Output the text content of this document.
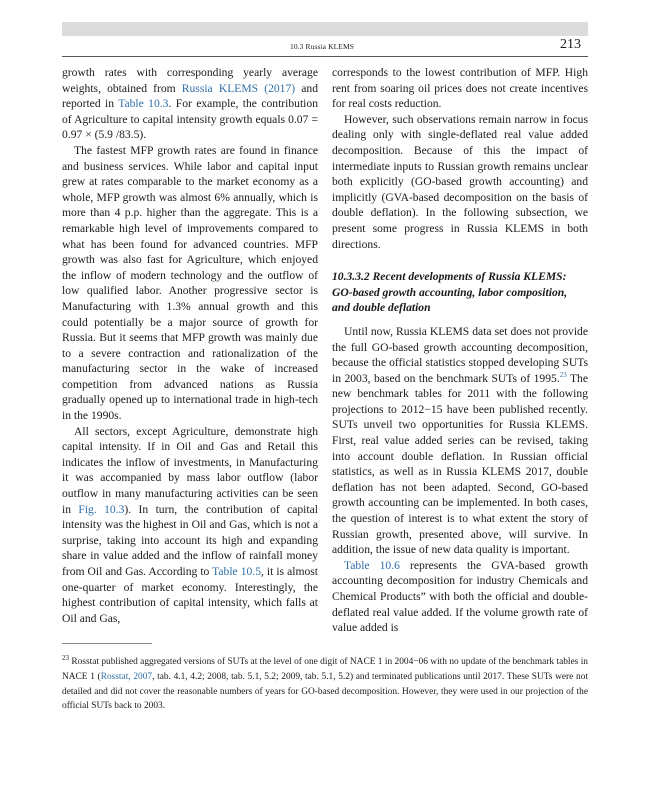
10.3 Russia KLEMS	213

growth rates with corresponding yearly average weights, obtained from Russia KLEMS (2017) and reported in Table 10.3. For example, the contribution of Agriculture to capital intensity growth equals 0.07 = 0.97 × (5.9 /83.5).

The fastest MFP growth rates are found in finance and business services. While labor and capital input grew at rates comparable to the market economy as a whole, MFP growth was almost 6% annually, which is more than 4 p.p. higher than the aggregate. This is a remarkable high level of improvements compared to what has been found for advanced countries. MFP growth was also fast for Agriculture, which enjoyed the inflow of modern technology and the outflow of low qualified labor. Another progressive sector is Manufacturing with 1.3% annual growth and this could potentially be a major source of growth for Russia. But it seems that MFP growth was mainly due to a severe contraction and rationalization of the manufacturing sector in the wake of increased competition from advanced nations as Russia gradually opened up to international trade in high-tech in the 1990s.

All sectors, except Agriculture, demonstrate high capital intensity. If in Oil and Gas and Retail this indicates the inflow of investments, in Manufacturing it was accompanied by mass labor outflow (labor outflow in many manufacturing activities can be seen in Fig. 10.3). In turn, the contribution of capital intensity was the highest in Oil and Gas, which is not a surprise, taking into account its high and expanding share in value added and the inflow of rainfall money from Oil and Gas. According to Table 10.5, it is almost one-quarter of market economy. Interestingly, the highest contribution of capital intensity, which falls at Oil and Gas,

corresponds to the lowest contribution of MFP. High rent from soaring oil prices does not create incentives for real costs reduction.

However, such observations remain narrow in focus dealing only with single-deflated real value added decomposition. Because of this the impact of intermediate inputs to Russian growth remains unclear both explicitly (GO-based growth accounting) and implicitly (GVA-based decomposition on the basis of double deflation). In the following subsection, we present some progress in Russia KLEMS in both directions.

10.3.3.2 Recent developments of Russia KLEMS: GO-based growth accounting, labor composition, and double deflation

Until now, Russia KLEMS data set does not provide the full GO-based growth accounting decomposition, because the official statistics stopped developing SUTs in 2003, based on the benchmark SUTs of 1995.23 The new benchmark tables for 2011 with the following projections to 2012−15 have been published recently. SUTs unveil two opportunities for Russia KLEMS. First, real value added series can be revised, taking into account double deflation. In Russian official statistics, as well as in Russia KLEMS 2017, double deflation has not been adapted. Second, GO-based growth accounting can be implemented. In both cases, the question of interest is to what extent the story of Russian growth, presented above, will survive. In addition, the issue of new data quality is important.

Table 10.6 represents the GVA-based growth accounting decomposition for industry Chemicals and Chemical Products” with both the official and double-deflated real value added. If the volume growth rate of value added is

$^{23}$ Rosstat published aggregated versions of SUTs at the level of one digit of NACE 1 in 2004−06 with no update of the benchmark tables in NACE 1 (Rosstat, 2007, tab. 4.1, 4.2; 2008, tab. 5.1, 5.2; 2009, tab. 5.1, 5.2) and terminated publications until 2017. These SUTs were not detailed and did not cover the reasonable numbers of years for GO-based decomposition. However, they were used in our projection of the official SUTs back to 2003.
